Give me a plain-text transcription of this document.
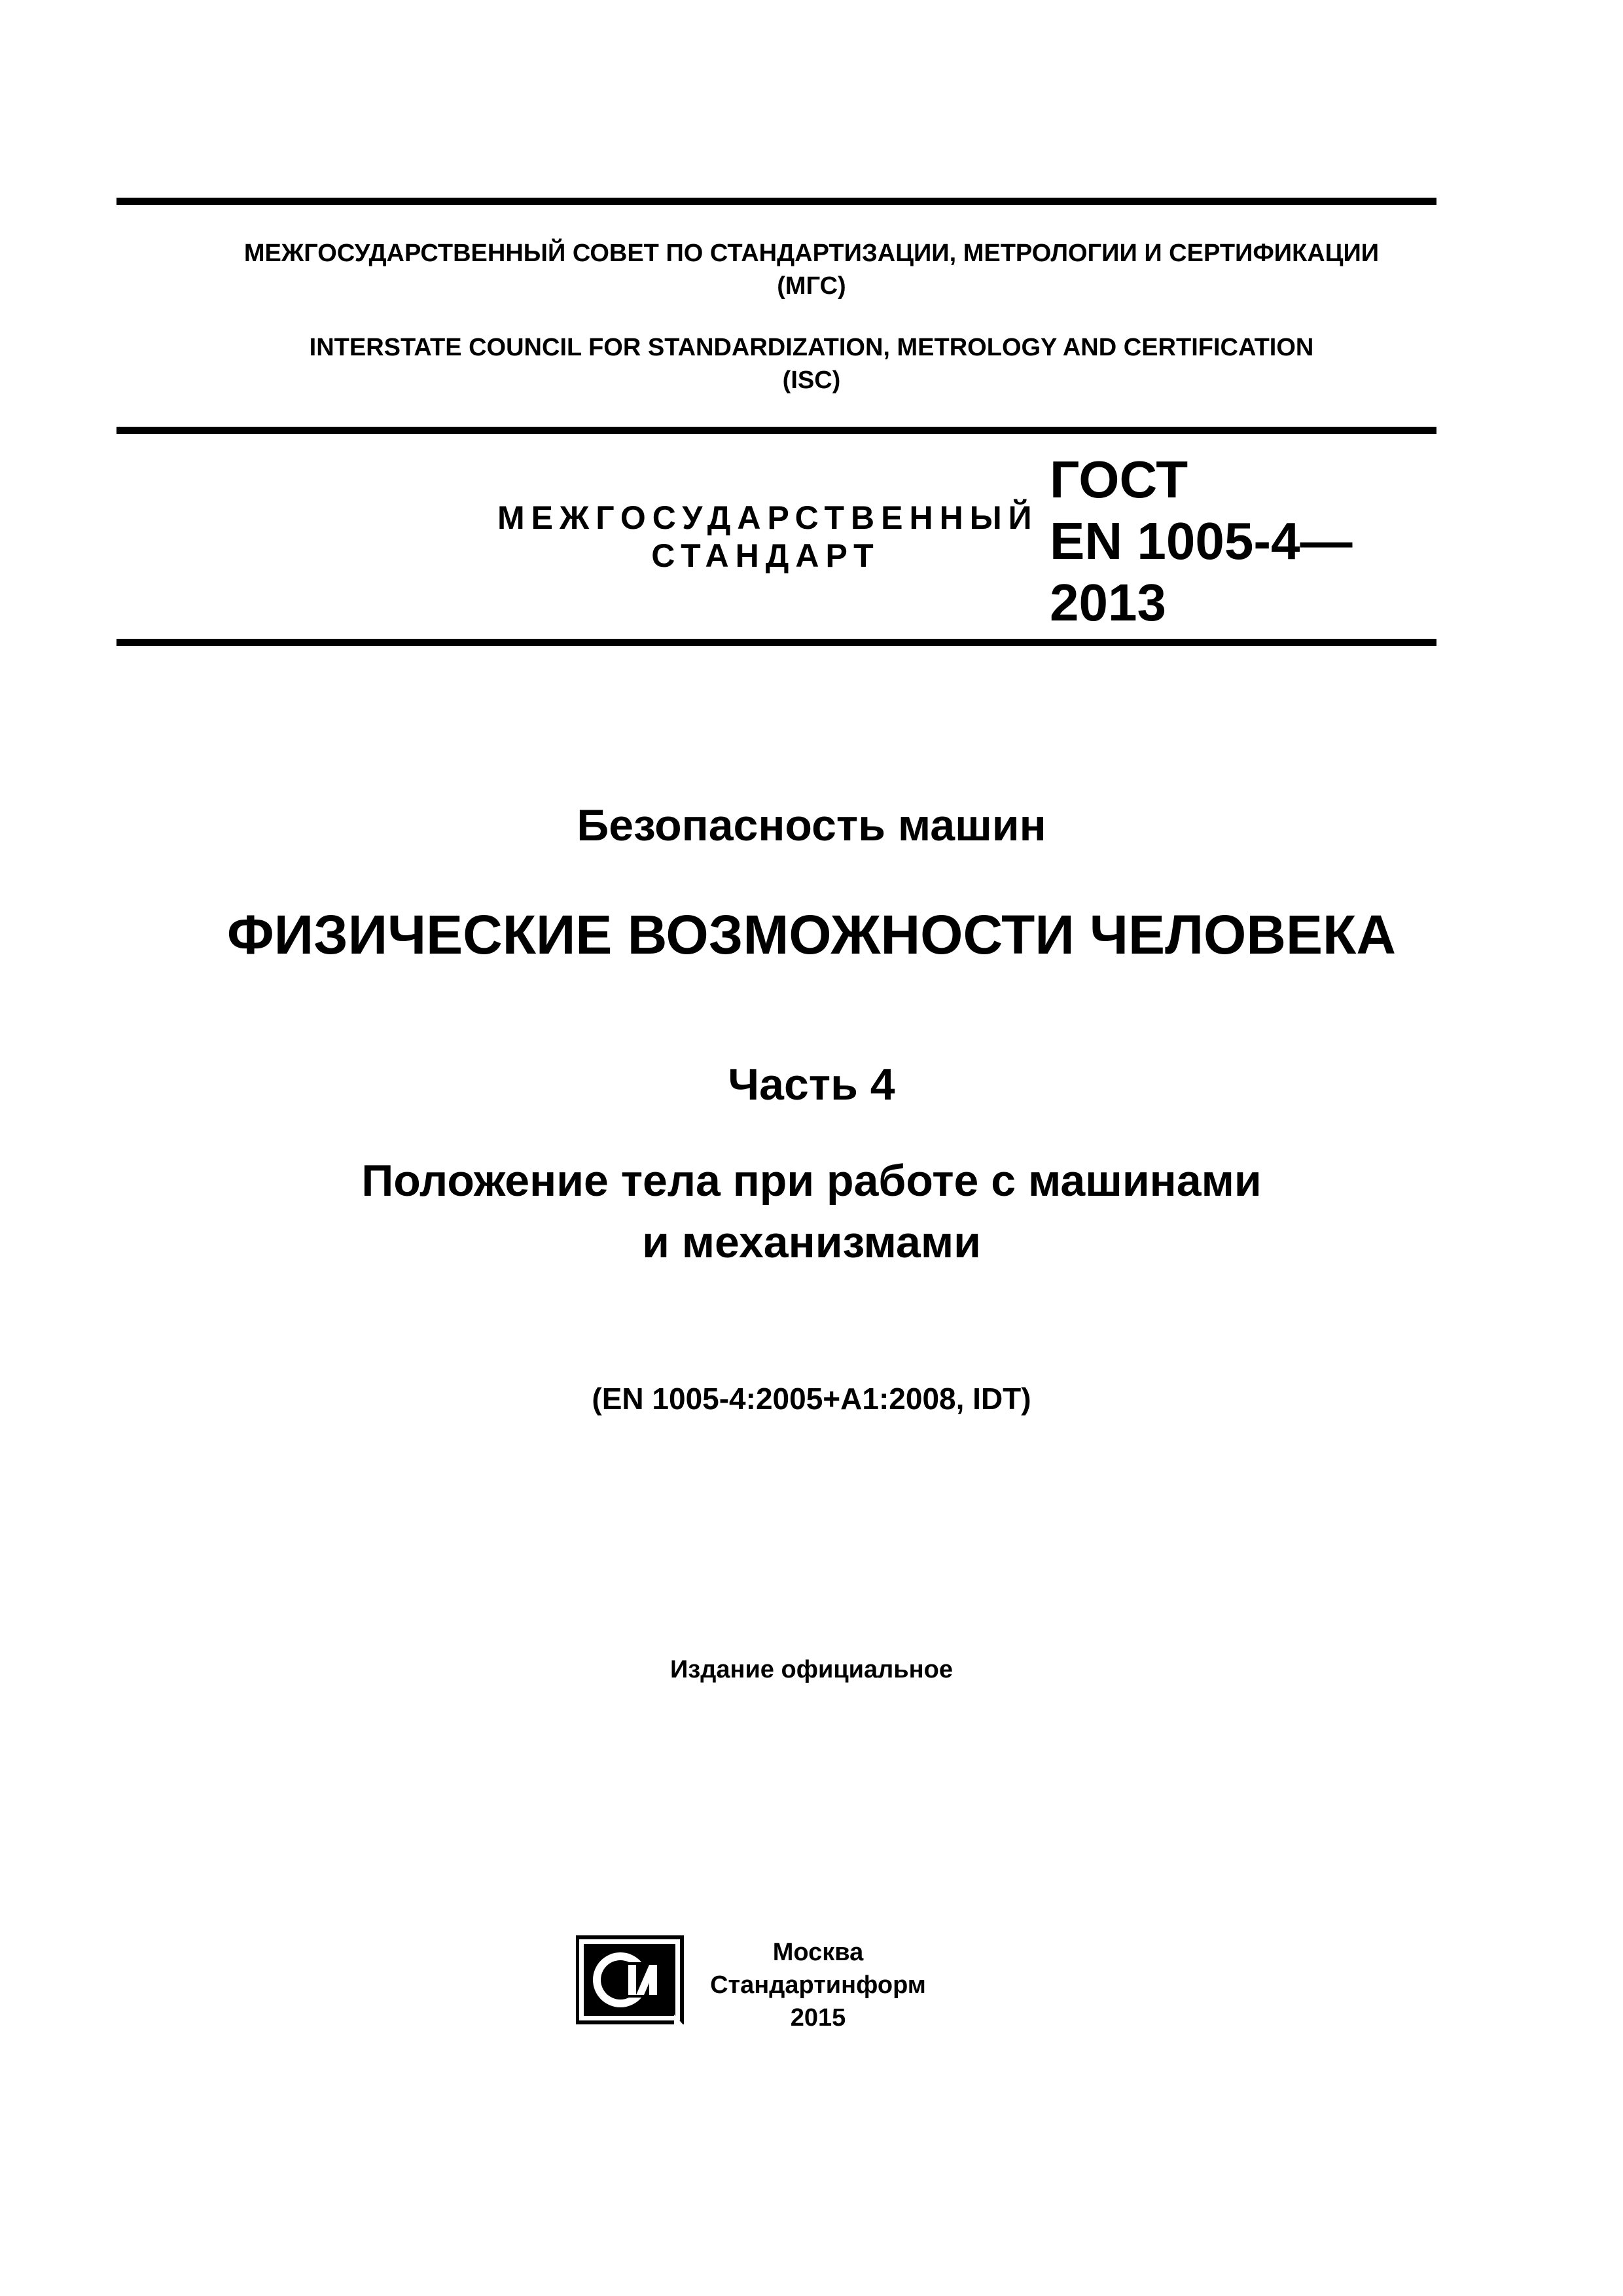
МЕЖГОСУДАРСТВЕННЫЙ СОВЕТ ПО СТАНДАРТИЗАЦИИ, МЕТРОЛОГИИ И СЕРТИФИКАЦИИ
(МГС)
INTERSTATE COUNCIL FOR STANDARDIZATION, METROLOGY AND CERTIFICATION
(ISC)
МЕЖГОСУДАРСТВЕННЫЙ
СТАНДАРТ
ГОСТ
EN 1005-4—
2013
Безопасность машин
ФИЗИЧЕСКИЕ ВОЗМОЖНОСТИ ЧЕЛОВЕКА
Часть 4
Положение тела при работе с машинами
и механизмами
(EN 1005-4:2005+A1:2008, IDT)
Издание официальное
Москва
Стандартинформ
2015
